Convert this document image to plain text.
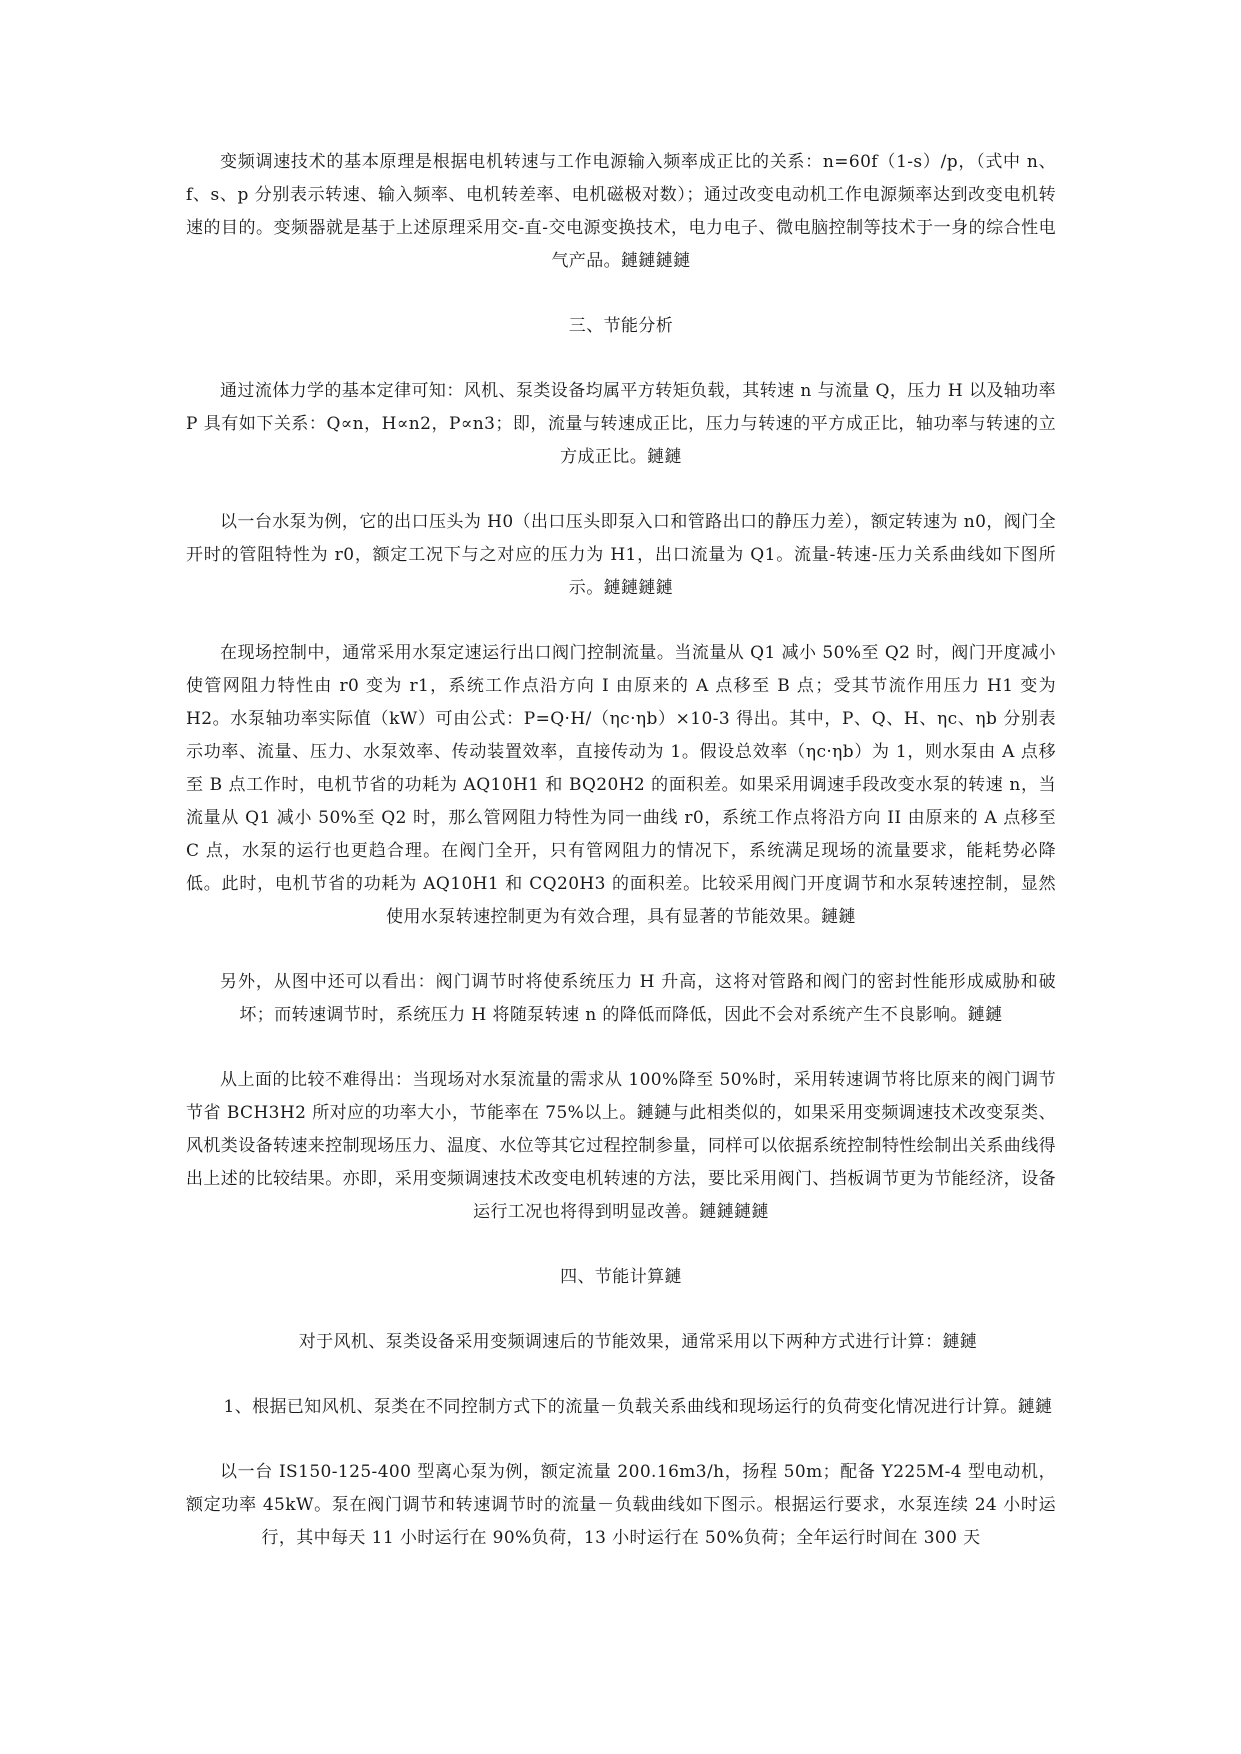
变频调速技术的基本原理是根据电机转速与工作电源输入频率成正比的关系：n=60f（1-s）/p，（式中 n、f、s、p 分别表示转速、输入频率、电机转差率、电机磁极对数）；通过改变电动机工作电源频率达到改变电机转速的目的。变频器就是基于上述原理采用交-直-交电源变换技术，电力电子、微电脑控制等技术于一身的综合性电气产品。鏈鏈鏈鏈

三、节能分析

通过流体力学的基本定律可知：风机、泵类设备均属平方转矩负载，其转速 n 与流量 Q，压力 H 以及轴功率 P 具有如下关系：Q∝n，H∝n2，P∝n3；即，流量与转速成正比，压力与转速的平方成正比，轴功率与转速的立方成正比。鏈鏈

以一台水泵为例，它的出口压头为 H0（出口压头即泵入口和管路出口的静压力差），额定转速为 n0，阀门全开时的管阻特性为 r0，额定工况下与之对应的压力为 H1，出口流量为 Q1。流量-转速-压力关系曲线如下图所示。鏈鏈鏈鏈

在现场控制中，通常采用水泵定速运行出口阀门控制流量。当流量从 Q1 减小 50%至 Q2 时，阀门开度减小使管网阻力特性由 r0 变为 r1，系统工作点沿方向 I 由原来的 A 点移至 B 点；受其节流作用压力 H1 变为 H2。水泵轴功率实际值（kW）可由公式：P=Q·H/（ηc·ηb）×10-3 得出。其中，P、Q、H、ηc、ηb 分别表示功率、流量、压力、水泵效率、传动装置效率，直接传动为 1。假设总效率（ηc·ηb）为 1，则水泵由 A 点移至 B 点工作时，电机节省的功耗为 AQ10H1 和 BQ20H2 的面积差。如果采用调速手段改变水泵的转速 n，当流量从 Q1 减小 50%至 Q2 时，那么管网阻力特性为同一曲线 r0，系统工作点将沿方向 II 由原来的 A 点移至 C 点，水泵的运行也更趋合理。在阀门全开，只有管网阻力的情况下，系统满足现场的流量要求，能耗势必降低。此时，电机节省的功耗为 AQ10H1 和 CQ20H3 的面积差。比较采用阀门开度调节和水泵转速控制，显然使用水泵转速控制更为有效合理，具有显著的节能效果。鏈鏈

另外，从图中还可以看出：阀门调节时将使系统压力 H 升高，这将对管路和阀门的密封性能形成威胁和破坏；而转速调节时，系统压力 H 将随泵转速 n 的降低而降低，因此不会对系统产生不良影响。鏈鏈

从上面的比较不难得出：当现场对水泵流量的需求从 100%降至 50%时，采用转速调节将比原来的阀门调节节省 BCH3H2 所对应的功率大小，节能率在 75%以上。鏈鏈与此相类似的，如果采用变频调速技术改变泵类、风机类设备转速来控制现场压力、温度、水位等其它过程控制参量，同样可以依据系统控制特性绘制出关系曲线得出上述的比较结果。亦即，采用变频调速技术改变电机转速的方法，要比采用阀门、挡板调节更为节能经济，设备运行工况也将得到明显改善。鏈鏈鏈鏈

四、节能计算鏈

对于风机、泵类设备采用变频调速后的节能效果，通常采用以下两种方式进行计算：鏈鏈

1、根据已知风机、泵类在不同控制方式下的流量－负载关系曲线和现场运行的负荷变化情况进行计算。鏈鏈

以一台 IS150-125-400 型离心泵为例，额定流量 200.16m3/h，扬程 50m；配备 Y225M-4 型电动机，额定功率 45kW。泵在阀门调节和转速调节时的流量－负载曲线如下图示。根据运行要求，水泵连续 24 小时运行，其中每天 11 小时运行在 90%负荷，13 小时运行在 50%负荷；全年运行时间在 300 天
